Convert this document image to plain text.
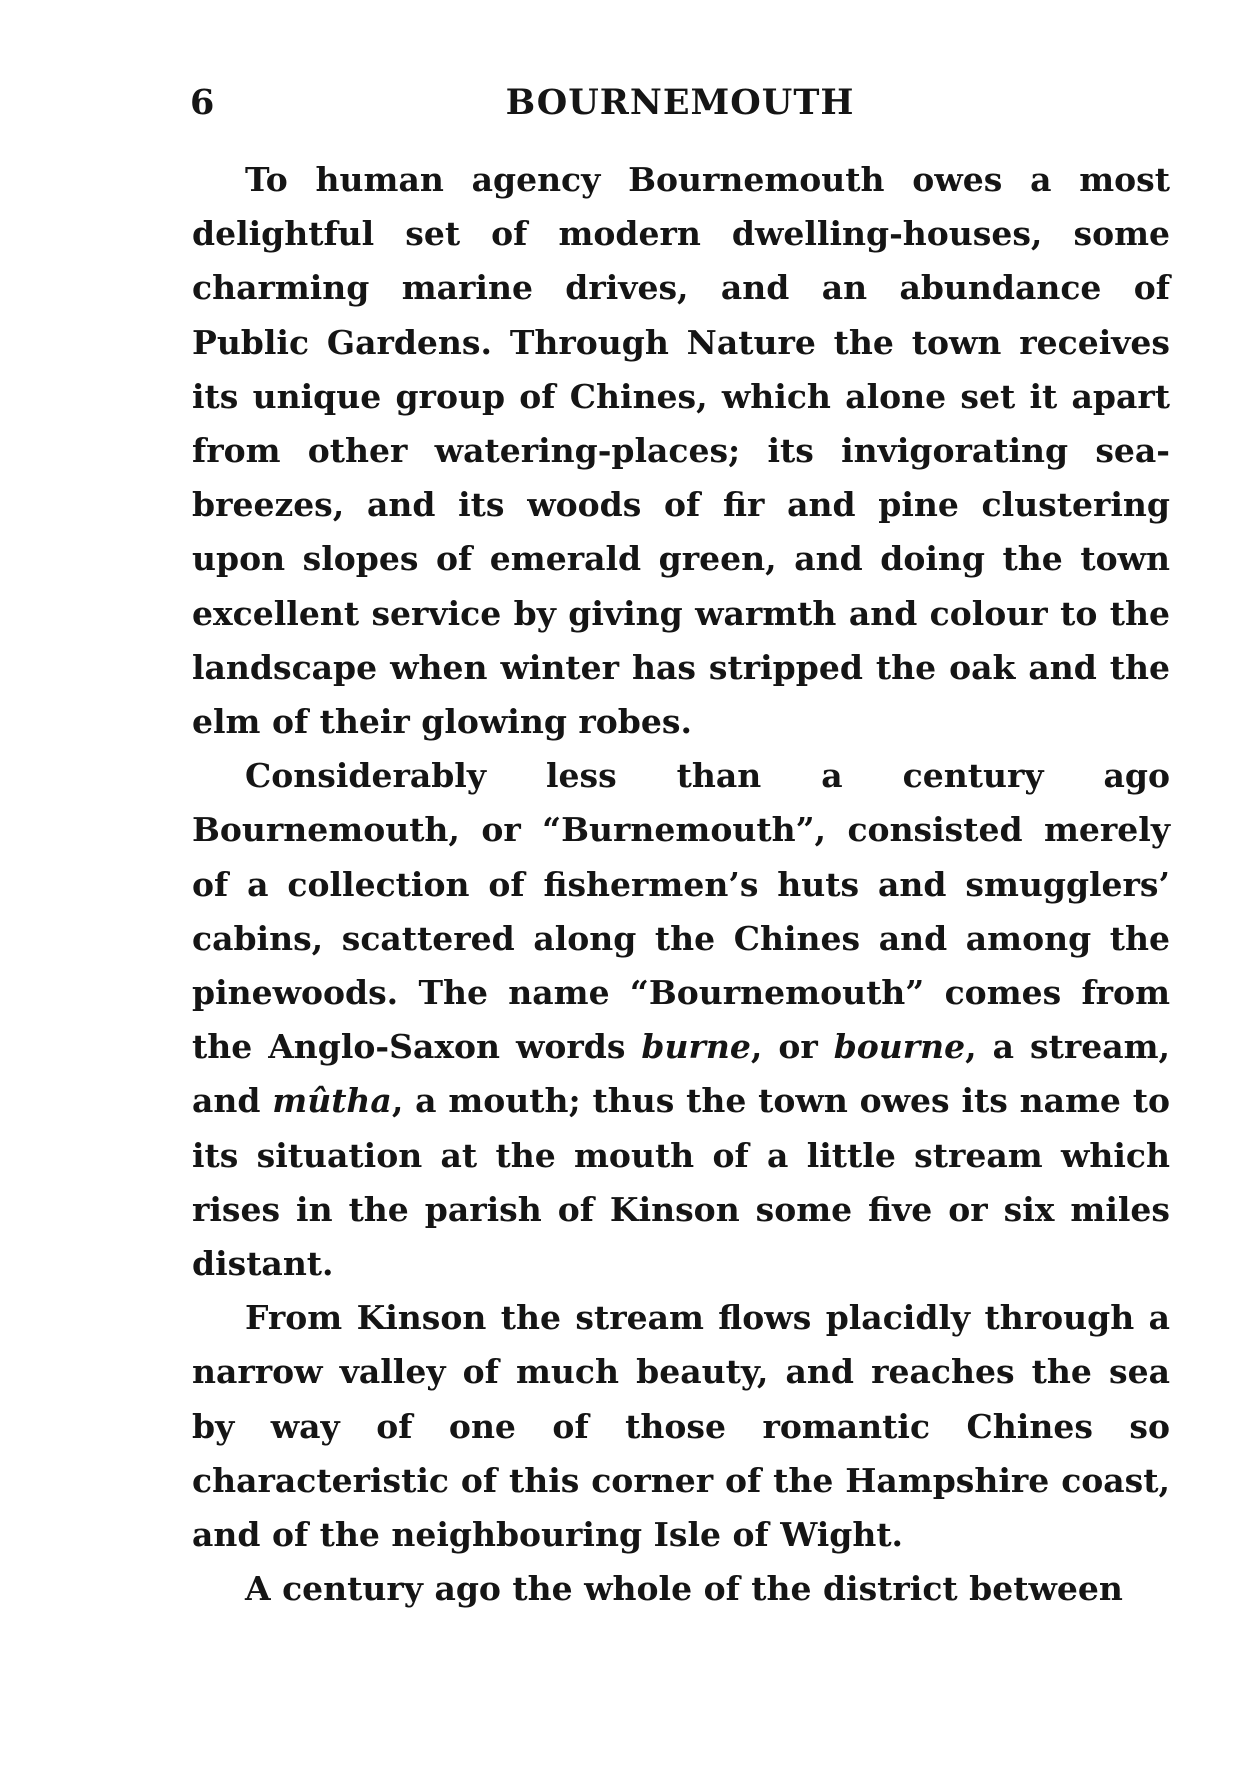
6	BOURNEMOUTH

To human agency Bournemouth owes a most delightful set of modern dwelling-houses, some charming marine drives, and an abundance of Public Gardens. Through Nature the town receives its unique group of Chines, which alone set it apart from other watering-places; its invigorating sea-breezes, and its woods of fir and pine clustering upon slopes of emerald green, and doing the town excellent service by giving warmth and colour to the landscape when winter has stripped the oak and the elm of their glowing robes.

Considerably less than a century ago Bournemouth, or “Burnemouth”, consisted merely of a collection of fishermen’s huts and smugglers’ cabins, scattered along the Chines and among the pinewoods. The name “Bournemouth” comes from the Anglo-Saxon words burne, or bourne, a stream, and mûtha, a mouth; thus the town owes its name to its situation at the mouth of a little stream which rises in the parish of Kinson some five or six miles distant.

From Kinson the stream flows placidly through a narrow valley of much beauty, and reaches the sea by way of one of those romantic Chines so characteristic of this corner of the Hampshire coast, and of the neighbouring Isle of Wight.

A century ago the whole of the district between
